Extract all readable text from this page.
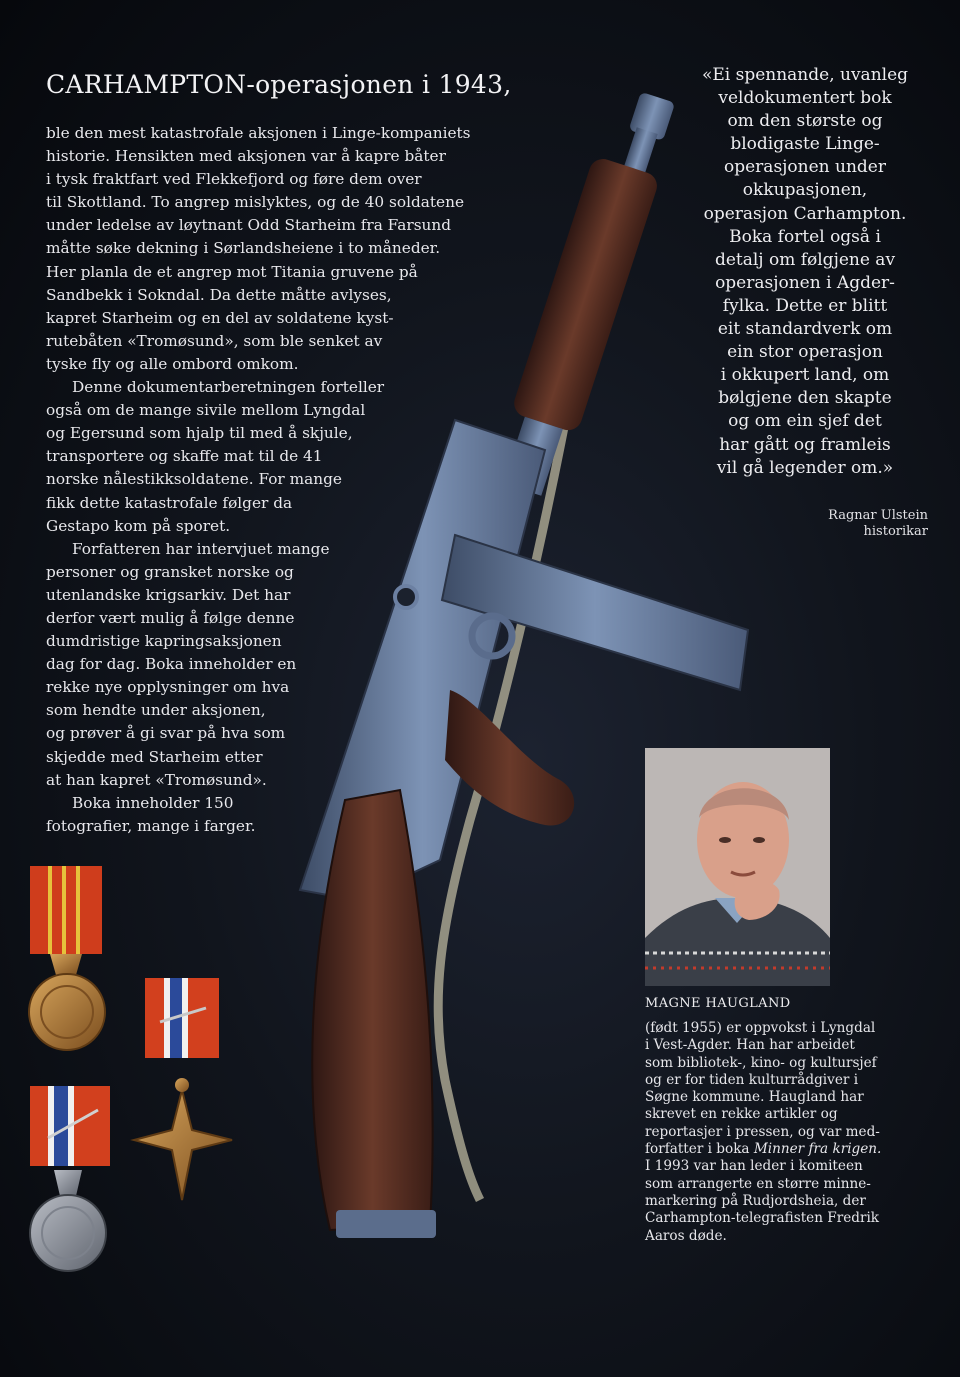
CARHAMPTON-operasjonen i 1943,

ble den mest katastrofale aksjonen i Linge-kompaniets
historie. Hensikten med aksjonen var å kapre båter
i tysk fraktfart ved Flekkefjord og føre dem over
til Skottland. To angrep mislyktes, og de 40 soldatene
under ledelse av løytnant Odd Starheim fra Farsund
måtte søke dekning i Sørlandsheiene i to måneder.
Her planla de et angrep mot Titania gruvene på
Sandbekk i Sokndal. Da dette måtte avlyses,
kapret Starheim og en del av soldatene kyst-
rutebåten «Tromøsund», som ble senket av
tyske fly og alle ombord omkom.

Denne dokumentarberetningen forteller
også om de mange sivile mellom Lyngdal
og Egersund som hjalp til med å skjule,
transportere og skaffe mat til de 41
norske nålestikksoldatene. For mange
fikk dette katastrofale følger da
Gestapo kom på sporet.

Forfatteren har intervjuet mange
personer og gransket norske og
utenlandske krigsarkiv. Det har
derfor vært mulig å følge denne
dumdristige kapringsaksjonen
dag for dag. Boka inneholder en
rekke nye opplysninger om hva
som hendte under aksjonen,
og prøver å gi svar på hva som
skjedde med Starheim etter
at han kapret «Tromøsund».

Boka inneholder 150
fotografier, mange i farger.

«Ei spennande, uvanleg
veldokumentert bok
om den største og
blodigaste Linge-
operasjonen under
okkupasjonen,
operasjon Carhampton.
Boka fortel også i
detalj om følgjene av
operasjonen i Agder-
fylka. Dette er blitt
eit standardverk om
ein stor operasjon
i okkupert land, om
bølgjene den skapte
og om ein sjef det
har gått og framleis
vil gå legender om.»
Ragnar Ulstein
historikar
MAGNE HAUGLAND
(født 1955) er oppvokst i Lyngdal
i Vest-Agder. Han har arbeidet
som bibliotek-, kino- og kultursjef
og er for tiden kulturrådgiver i
Søgne kommune. Haugland har
skrevet en rekke artikler og
reportasjer i pressen, og var med-
forfatter i boka Minner fra krigen.
I 1993 var han leder i komiteen
som arrangerte en større minne-
markering på Rudjordsheia, der
Carhampton-telegrafisten Fredrik
Aaros døde.
